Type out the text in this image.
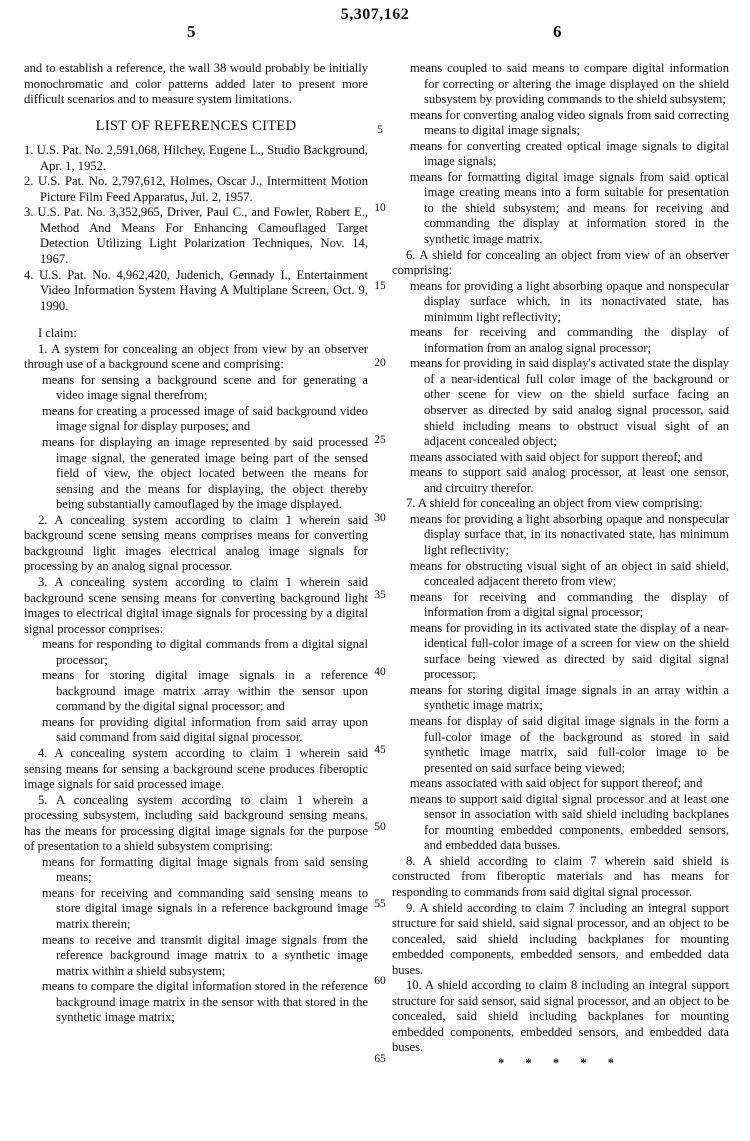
5,307,162
5	6

and to establish a reference, the wall 38 would probably be initially monochromatic and color patterns added later to present more difficult scenarios and to measure system limitations.

LIST OF REFERENCES CITED

1. U.S. Pat. No. 2,591,068, Hilchey, Eugene L., Studio Background, Apr. 1, 1952.

2. U.S. Pat. No. 2,797,612, Holmes, Oscar J., Intermittent Motion Picture Film Feed Apparatus, Jul. 2, 1957.

3. U.S. Pat. No. 3,352,965, Driver, Paul C., and Fowler, Robert E., Method And Means For Enhancing Camouflaged Target Detection Utilizing Light Polarization Techniques, Nov. 14, 1967.

4. U.S. Pat. No. 4,962,420, Judenich, Gennady I., Entertainment Video Information System Having A Multiplane Screen, Oct. 9, 1990.

I claim:

1. A system for concealing an object from view by an observer through use of a background scene and comprising:

means for sensing a background scene and for generating a video image signal therefrom;

means for creating a processed image of said background video image signal for display purposes; and

means for displaying an image represented by said processed image signal, the generated image being part of the sensed field of view, the object located between the means for sensing and the means for displaying, the object thereby being substantially camouflaged by the image displayed.

2. A concealing system according to claim 1 wherein said background scene sensing means comprises means for converting background light images electrical analog image signals for processing by an analog signal processor.

3. A concealing system according to claim 1 wherein said background scene sensing means for converting background light images to electrical digital image signals for processing by a digital signal processor comprises:

means for responding to digital commands from a digital signal processor;

means for storing digital image signals in a reference background image matrix array within the sensor upon command by the digital signal processor; and

means for providing digital information from said array upon said command from said digital signal processor.

4. A concealing system according to claim 1 wherein said sensing means for sensing a background scene produces fiberoptic image signals for said processed image.

5. A concealing system according to claim 1 wherein a processing subsystem, including said background sensing means, has the means for processing digital image signals for the purpose of presentation to a shield subsystem comprising:

means for formatting digital image signals from said sensing means;

means for receiving and commanding said sensing means to store digital image signals in a reference background image matrix therein;

means to receive and transmit digital image signals from the reference background image matrix to a synthetic image matrix within a shield subsystem;

means to compare the digital information stored in the reference background image matrix in the sensor with that stored in the synthetic image matrix;

5
10
15
20
25
30
35
40
45
50
55
60
65

means coupled to said means to compare digital information for correcting or altering the image displayed on the shield subsystem by providing commands to the shield subsystem;

means for converting analog video signals from said correcting means to digital image signals;

means for converting created optical image signals to digital image signals;

means for formatting digital image signals from said optical image creating means into a form suitable for presentation to the shield subsystem; and means for receiving and commanding the display at information stored in the synthetic image matrix.

6. A shield for concealing an object from view of an observer comprising:

means for providing a light absorbing opaque and nonspecular display surface which, in its nonactivated state, has minimum light reflectivity;

means for receiving and commanding the display of information from an analog signal processor;

means for providing in said display's activated state the display of a near-identical full color image of the background or other scene for view on the shield surface facing an observer as directed by said analog signal processor, said shield including means to obstruct visual sight of an adjacent concealed object;

means associated with said object for support thereof; and

means to support said analog processor, at least one sensor, and circuitry therefor.

7. A shield for concealing an object from view comprising:

means for providing a light absorbing opaque and nonspecular display surface that, in its nonactivated state, has minimum light reflectivity;

means for obstructing visual sight of an object in said shield, concealed adjacent thereto from view;

means for receiving and commanding the display of information from a digital signal processor;

means for providing in its activated state the display of a near-identical full-color image of a screen for view on the shield surface being viewed as directed by said digital signal processor;

means for storing digital image signals in an array within a synthetic image matrix;

means for display of said digital image signals in the form a full-color image of the background as stored in said synthetic image matrix, said full-color image to be presented on said surface being viewed;

means associated with said object for support thereof; and

means to support said digital signal processor and at least one sensor in association with said shield including backplanes for mounting embedded components, embedded sensors, and embedded data busses.

8. A shield according to claim 7 wherein said shield is constructed from fiberoptic materials and has means for responding to commands from said digital signal processor.

9. A shield according to claim 7 including an integral support structure for said shield, said signal processor, and an object to be concealed, said shield including backplanes for mounting embedded components, embedded sensors, and embedded data buses.

10. A shield according to claim 8 including an integral support structure for said sensor, said signal processor, and an object to be concealed, said shield including backplanes for mounting embedded components, embedded sensors, and embedded data buses.

* * * * *
